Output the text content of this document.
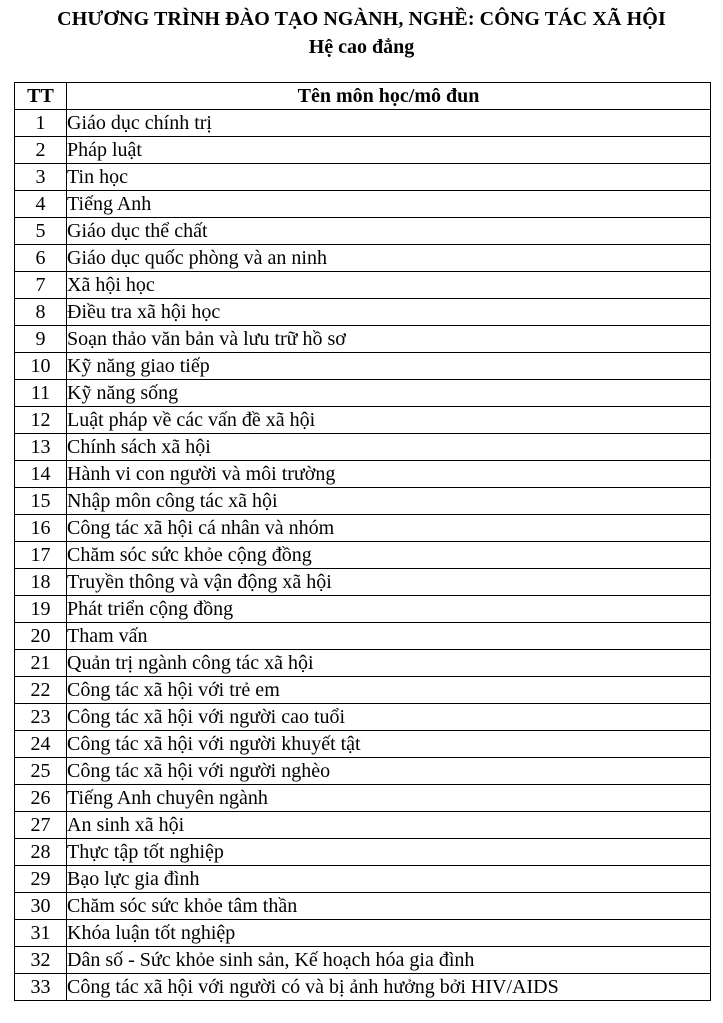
CHƯƠNG TRÌNH ĐÀO TẠO NGÀNH, NGHỀ: CÔNG TÁC XÃ HỘI
Hệ cao đẳng
TT	Tên môn học/mô đun
1	Giáo dục chính trị
2	Pháp luật
3	Tin học
4	Tiếng Anh
5	Giáo dục thể chất
6	Giáo dục quốc phòng và an ninh
7	Xã hội học
8	Điều tra xã hội học
9	Soạn thảo văn bản và lưu trữ hồ sơ
10	Kỹ năng giao tiếp
11	Kỹ năng sống
12	Luật pháp về các vấn đề xã hội
13	Chính sách xã hội
14	Hành vi con người và môi trường
15	Nhập môn công tác xã hội
16	Công tác xã hội cá nhân và nhóm
17	Chăm sóc sức khỏe cộng đồng
18	Truyền thông và vận động xã hội
19	Phát triển cộng đồng
20	Tham vấn
21	Quản trị ngành công tác xã hội
22	Công tác xã hội với trẻ em
23	Công tác xã hội với người cao tuổi
24	Công tác xã hội với người khuyết tật
25	Công tác xã hội với người nghèo
26	Tiếng Anh chuyên ngành
27	An sinh xã hội
28	Thực tập tốt nghiệp
29	Bạo lực gia đình
30	Chăm sóc sức khỏe tâm thần
31	Khóa luận tốt nghiệp
32	Dân số - Sức khỏe sinh sản, Kế hoạch hóa gia đình
33	Công tác xã hội với người có và bị ảnh hưởng bởi HIV/AIDS
